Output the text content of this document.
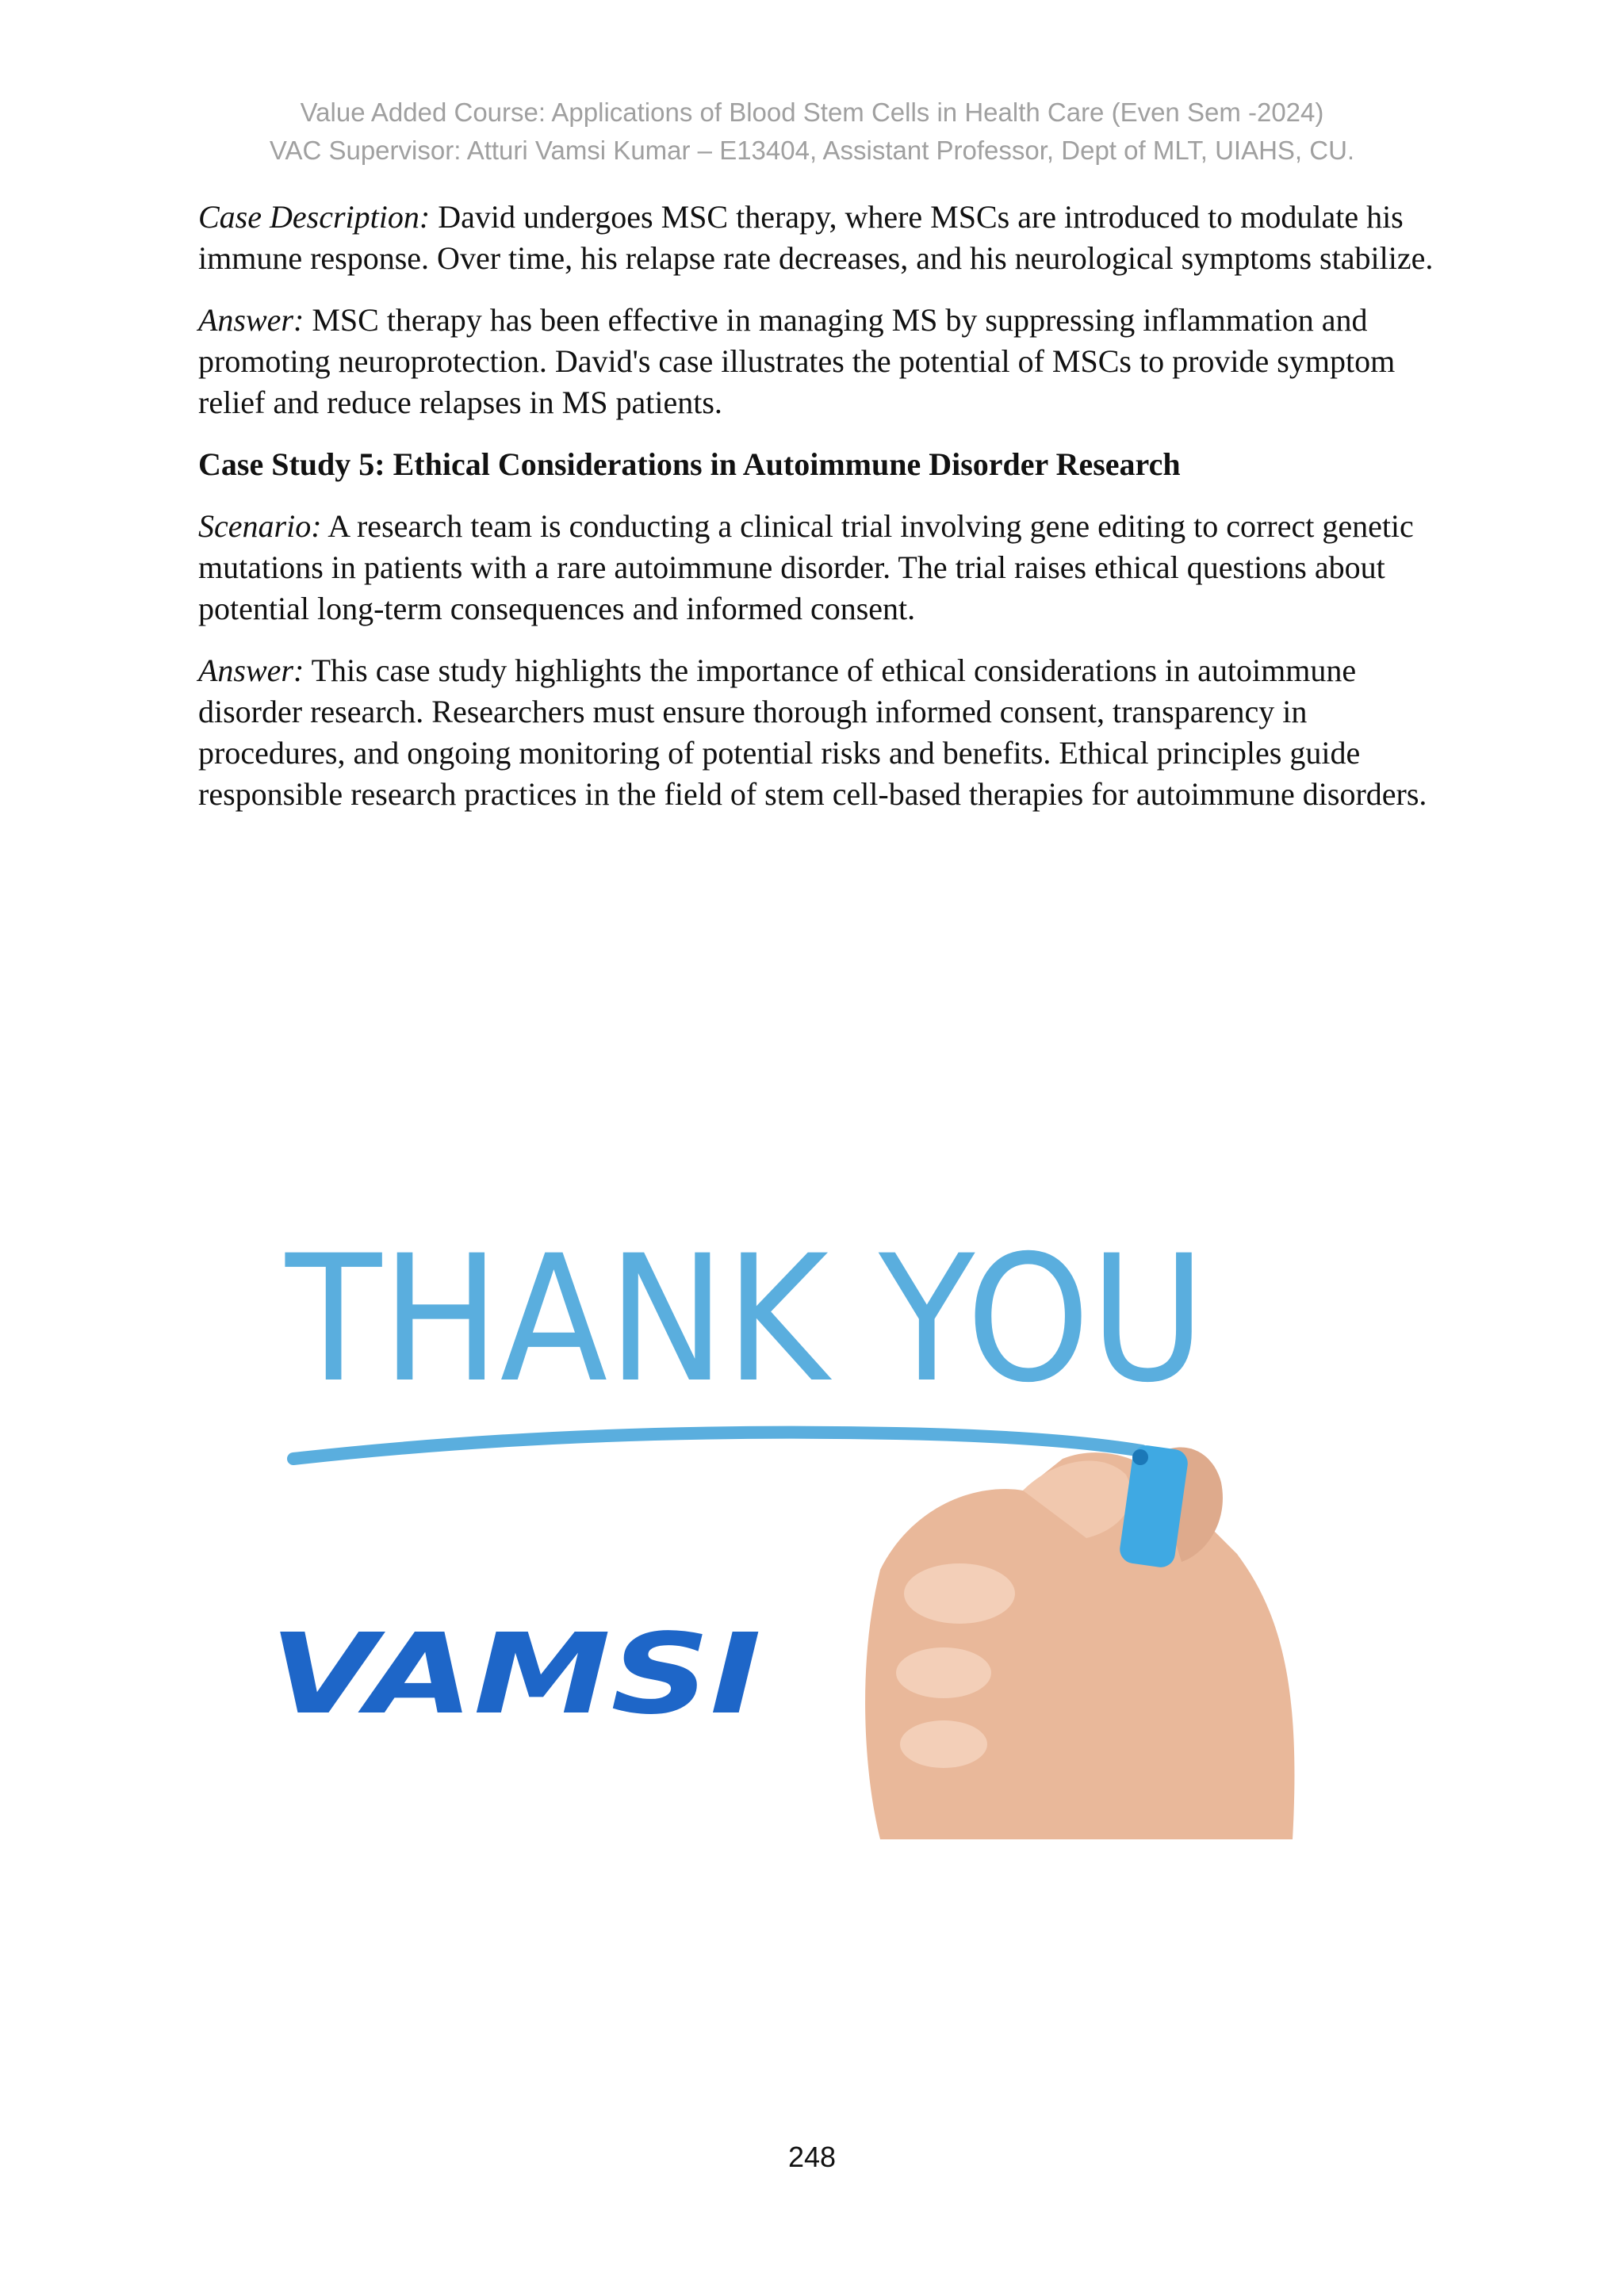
Value Added Course: Applications of Blood Stem Cells in Health Care (Even Sem -2024)
VAC Supervisor: Atturi Vamsi Kumar – E13404, Assistant Professor, Dept of MLT, UIAHS, CU.

Case Description: David undergoes MSC therapy, where MSCs are introduced to modulate his immune response. Over time, his relapse rate decreases, and his neurological symptoms stabilize.

Answer: MSC therapy has been effective in managing MS by suppressing inflammation and promoting neuroprotection. David's case illustrates the potential of MSCs to provide symptom relief and reduce relapses in MS patients.

Case Study 5: Ethical Considerations in Autoimmune Disorder Research

Scenario: A research team is conducting a clinical trial involving gene editing to correct genetic mutations in patients with a rare autoimmune disorder. The trial raises ethical questions about potential long-term consequences and informed consent.

Answer: This case study highlights the importance of ethical considerations in autoimmune disorder research. Researchers must ensure thorough informed consent, transparency in procedures, and ongoing monitoring of potential risks and benefits. Ethical principles guide responsible research practices in the field of stem cell-based therapies for autoimmune disorders.

THANK YOU
VAMSI
248
